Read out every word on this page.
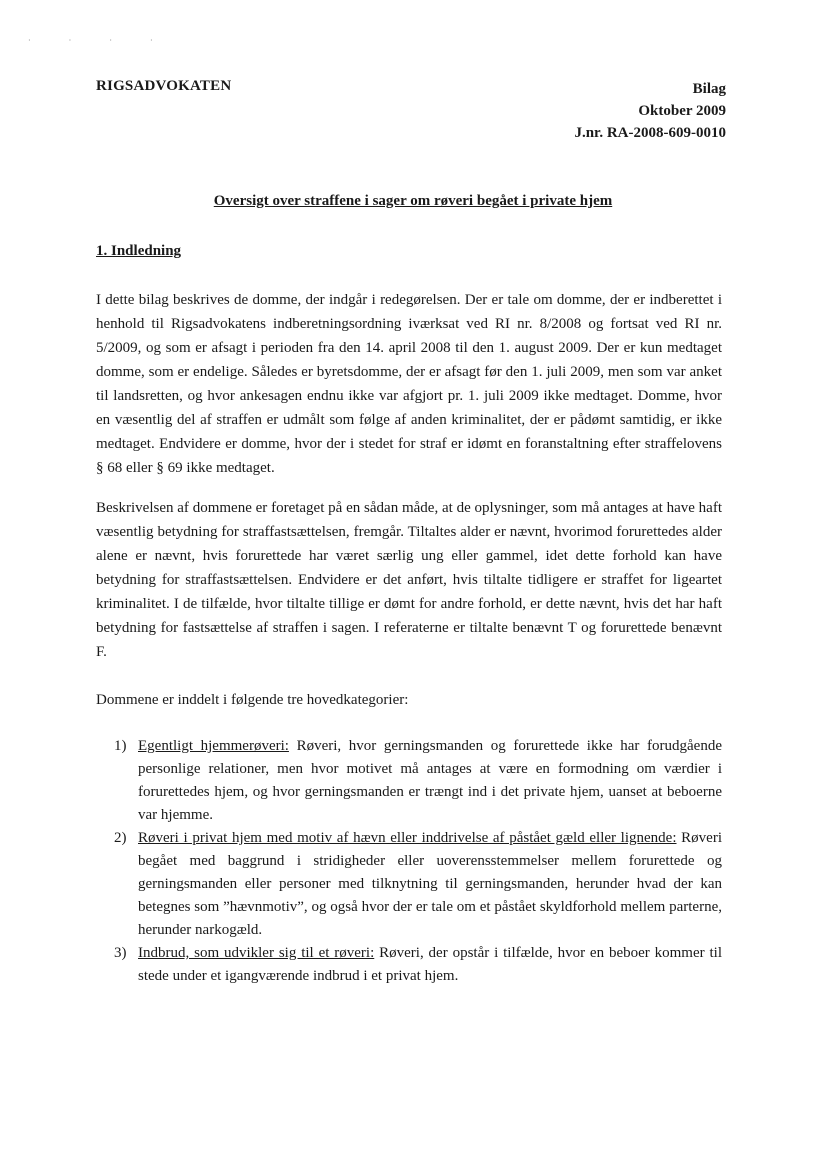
· · · ·
RIGSADVOKATEN	Bilag
Oktober 2009
J.nr. RA-2008-609-0010
Oversigt over straffene i sager om røveri begået i private hjem
1. Indledning

I dette bilag beskrives de domme, der indgår i redegørelsen. Der er tale om domme, der er indberettet i henhold til Rigsadvokatens indberetningsordning iværksat ved RI nr. 8/2008 og fortsat ved RI nr. 5/2009, og som er afsagt i perioden fra den 14. april 2008 til den 1. august 2009. Der er kun medtaget domme, som er endelige. Således er byretsdomme, der er afsagt før den 1. juli 2009, men som var anket til landsretten, og hvor ankesagen endnu ikke var afgjort pr. 1. juli 2009 ikke medtaget. Domme, hvor en væsentlig del af straffen er udmålt som følge af anden kriminalitet, der er pådømt samtidig, er ikke medtaget. Endvidere er domme, hvor der i stedet for straf er idømt en foranstaltning efter straffelovens § 68 eller § 69 ikke medtaget.

Beskrivelsen af dommene er foretaget på en sådan måde, at de oplysninger, som må antages at have haft væsentlig betydning for straffastsættelsen, fremgår. Tiltaltes alder er nævnt, hvorimod forurettedes alder alene er nævnt, hvis forurettede har været særlig ung eller gammel, idet dette forhold kan have betydning for straffastsættelsen. Endvidere er det anført, hvis tiltalte tidligere er straffet for ligeartet kriminalitet. I de tilfælde, hvor tiltalte tillige er dømt for andre forhold, er dette nævnt, hvis det har haft betydning for fastsættelse af straffen i sagen. I referaterne er tiltalte benævnt T og forurettede benævnt F.

Dommene er inddelt i følgende tre hovedkategorier:

1) Egentligt hjemmerøveri: Røveri, hvor gerningsmanden og forurettede ikke har forudgående personlige relationer, men hvor motivet må antages at være en formodning om værdier i forurettedes hjem, og hvor gerningsmanden er trængt ind i det private hjem, uanset at beboerne var hjemme.
2) Røveri i privat hjem med motiv af hævn eller inddrivelse af påstået gæld eller lignende: Røveri begået med baggrund i stridigheder eller uoverensstemmelser mellem forurettede og gerningsmanden eller personer med tilknytning til gerningsmanden, herunder hvad der kan betegnes som ”hævnmotiv”, og også hvor der er tale om et påstået skyldforhold mellem parterne, herunder narkogæld.
3) Indbrud, som udvikler sig til et røveri: Røveri, der opstår i tilfælde, hvor en beboer kommer til stede under et igangværende indbrud i et privat hjem.
